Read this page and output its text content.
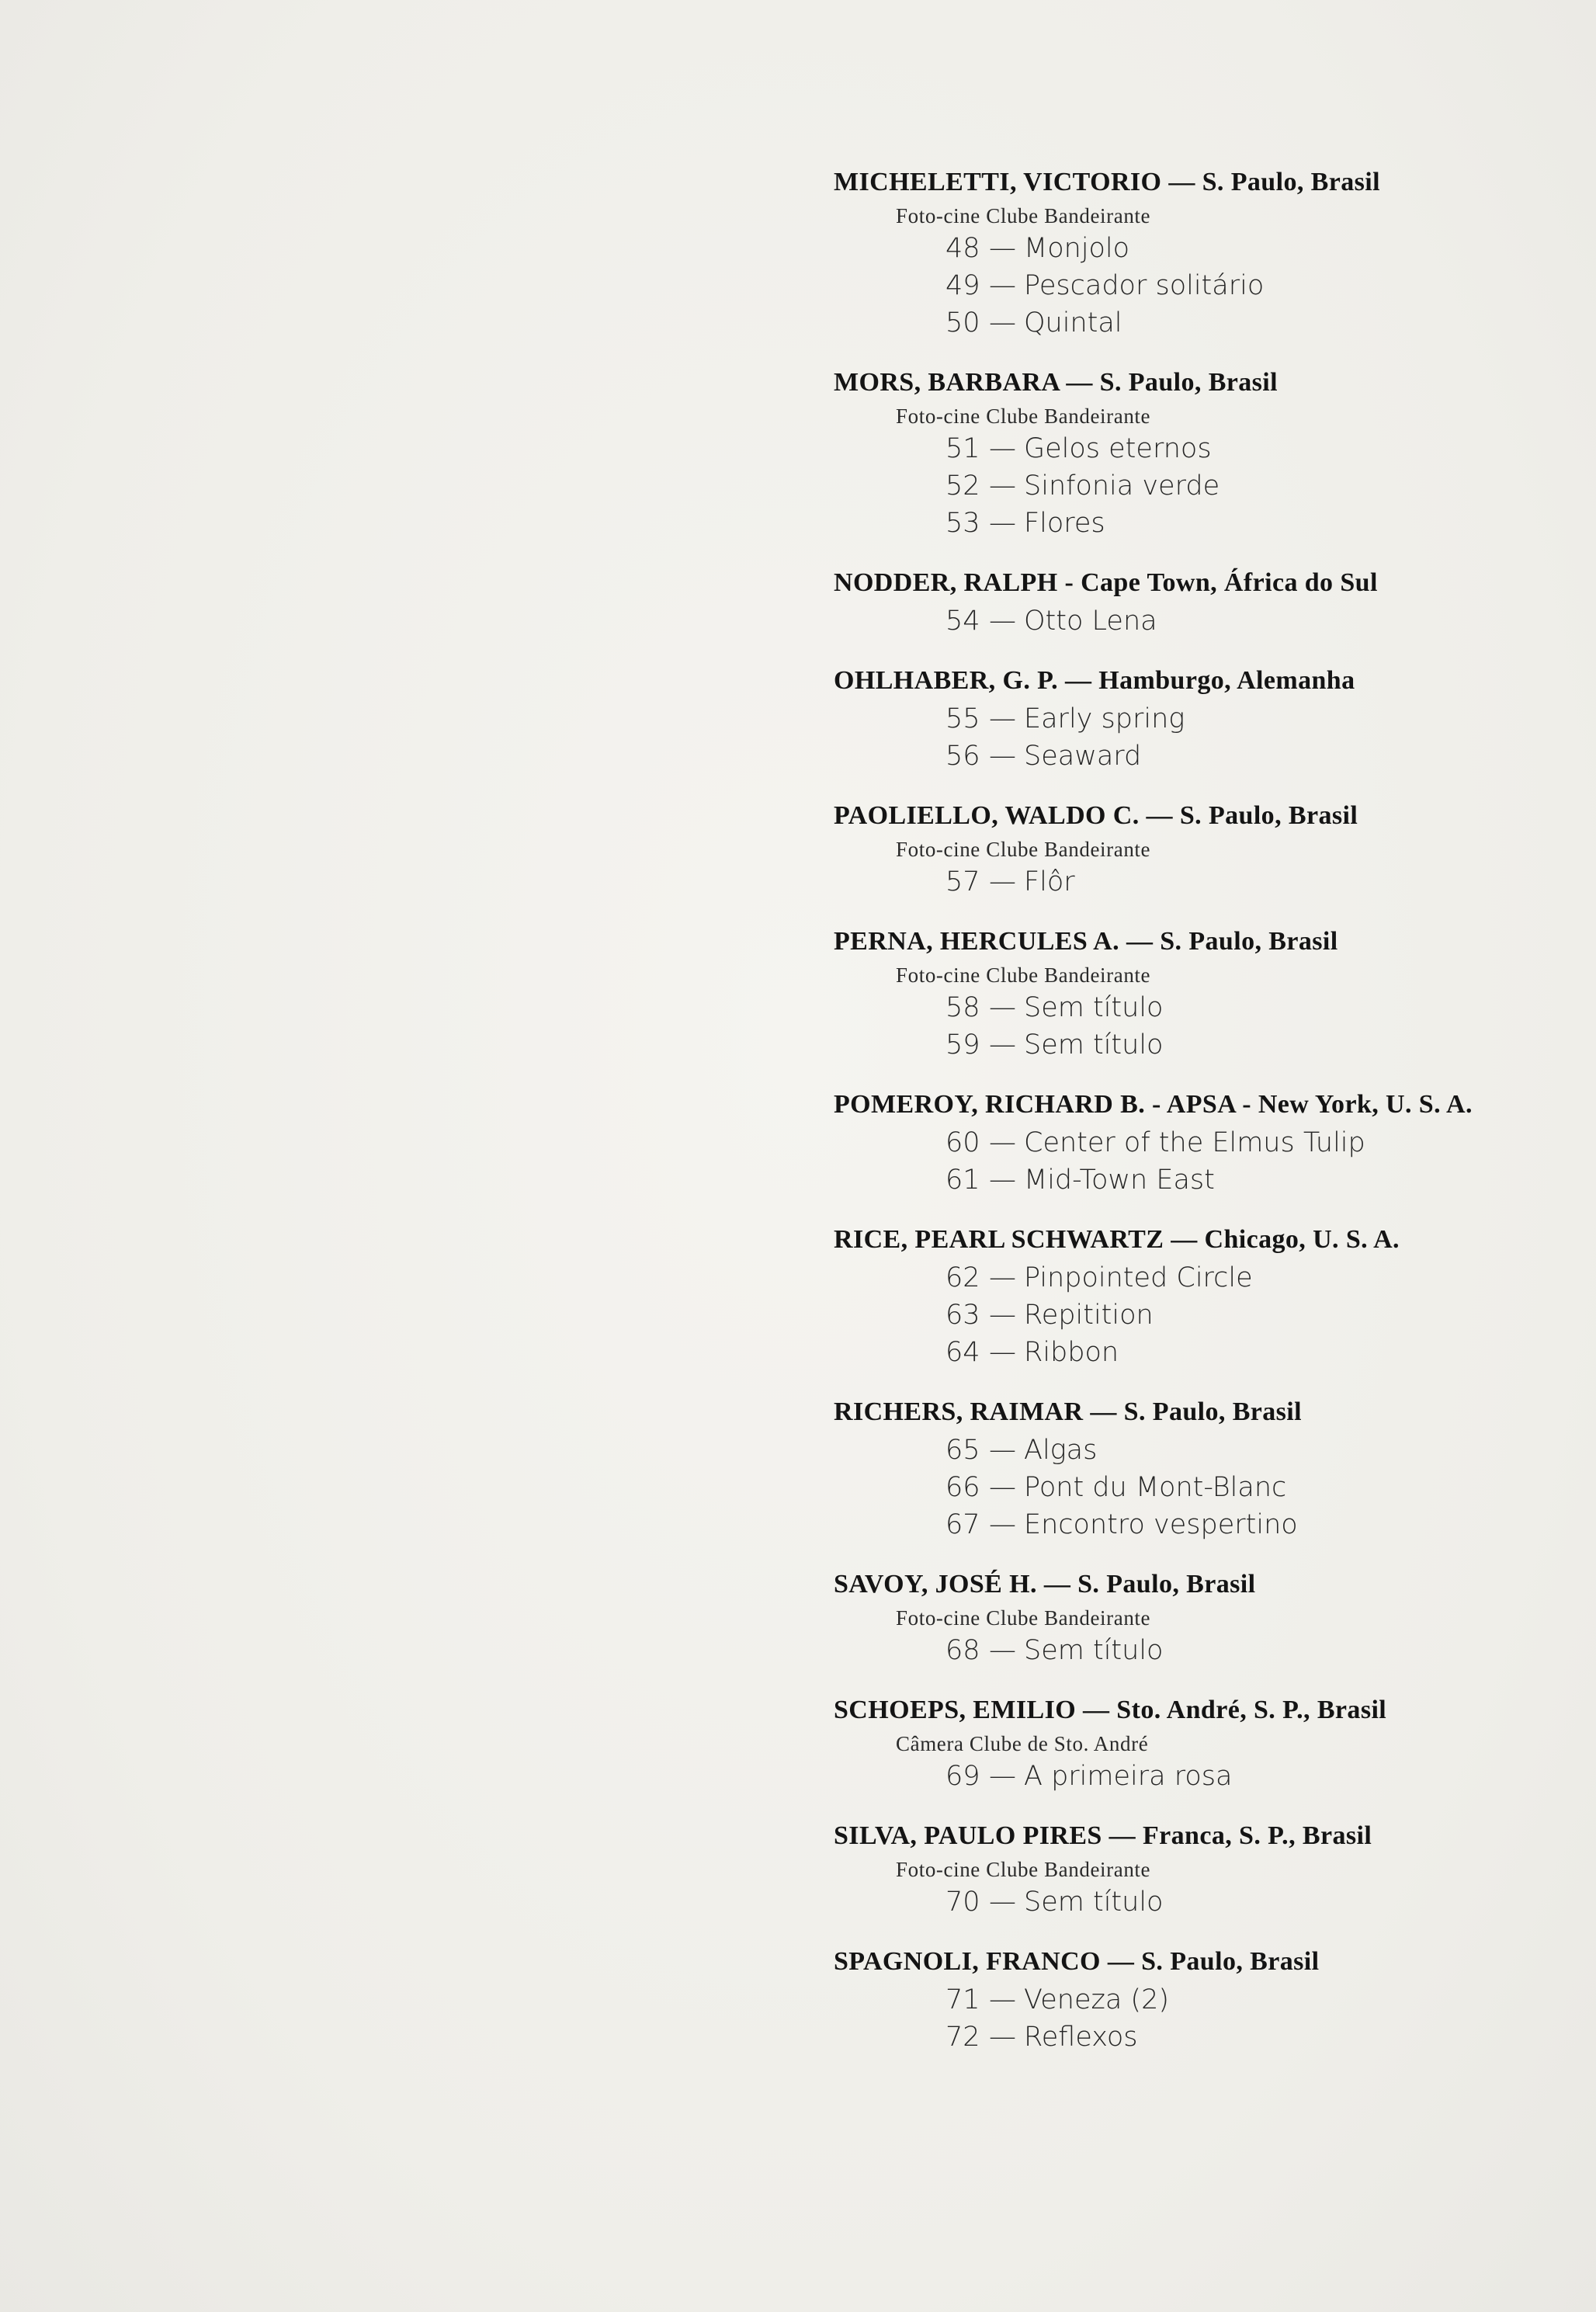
MICHELETTI, VICTORIO — S. Paulo, Brasil
Foto-cine Clube Bandeirante
48 — Monjolo
49 — Pescador solitário
50 — Quintal
MORS, BARBARA — S. Paulo, Brasil
Foto-cine Clube Bandeirante
51 — Gelos eternos
52 — Sinfonia verde
53 — Flores
NODDER, RALPH - Cape Town, África do Sul
54 — Otto Lena
OHLHABER, G. P. — Hamburgo, Alemanha
55 — Early spring
56 — Seaward
PAOLIELLO, WALDO C. — S. Paulo, Brasil
Foto-cine Clube Bandeirante
57 — Flôr
PERNA, HERCULES A. — S. Paulo, Brasil
Foto-cine Clube Bandeirante
58 — Sem título
59 — Sem título
POMEROY, RICHARD B. - APSA - New York, U. S. A.
60 — Center of the Elmus Tulip
61 — Mid-Town East
RICE, PEARL SCHWARTZ — Chicago, U. S. A.
62 — Pinpointed Circle
63 — Repitition
64 — Ribbon
RICHERS, RAIMAR — S. Paulo, Brasil
65 — Algas
66 — Pont du Mont-Blanc
67 — Encontro vespertino
SAVOY, JOSÉ H. — S. Paulo, Brasil
Foto-cine Clube Bandeirante
68 — Sem título
SCHOEPS, EMILIO — Sto. André, S. P., Brasil
Câmera Clube de Sto. André
69 — A primeira rosa
SILVA, PAULO PIRES — Franca, S. P., Brasil
Foto-cine Clube Bandeirante
70 — Sem título
SPAGNOLI, FRANCO — S. Paulo, Brasil
71 — Veneza (2)
72 — Reflexos
